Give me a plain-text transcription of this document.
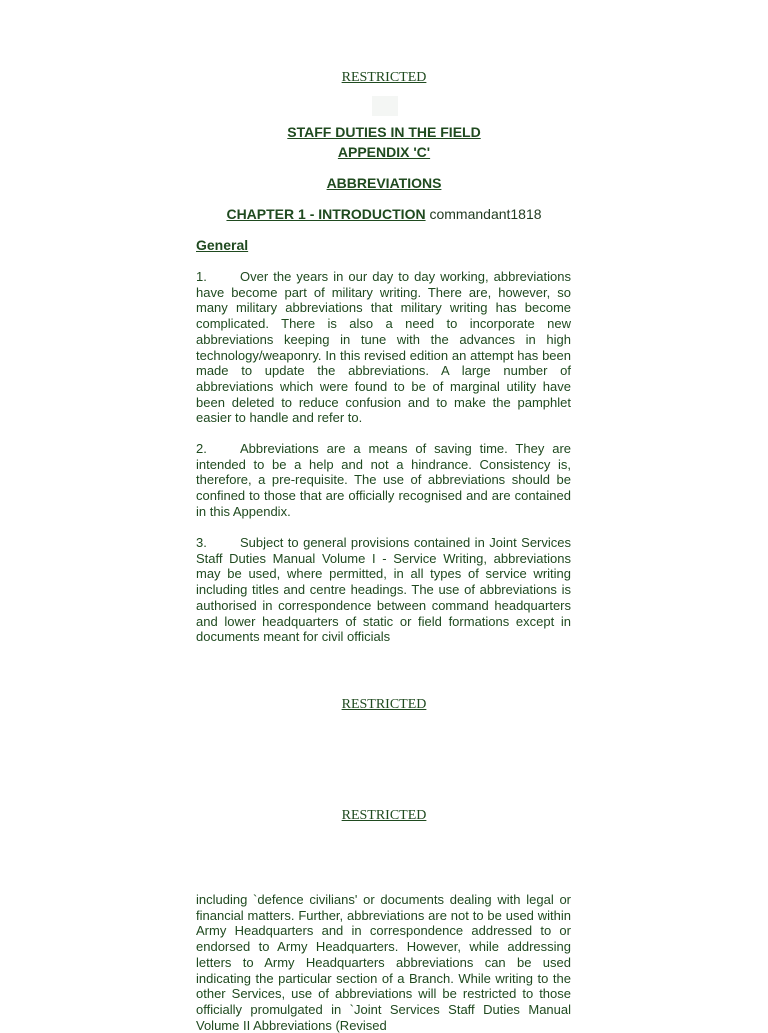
RESTRICTED
STAFF DUTIES IN THE FIELD
APPENDIX 'C'
ABBREVIATIONS
CHAPTER 1 - INTRODUCTION commandant1818
General

1.	Over the years in our day to day working, abbreviations have become part of military writing. There are, however, so many military abbreviations that military writing has become complicated. There is also a need to incorporate new abbreviations keeping in tune with the advances in high technology/weaponry. In this revised edition an attempt has been made to update the abbreviations. A large number of abbreviations which were found to be of marginal utility have been deleted to reduce confusion and to make the pamphlet easier to handle and refer to.

2.	Abbreviations are a means of saving time. They are intended to be a help and not a hindrance. Consistency is, therefore, a pre-requisite. The use of abbreviations should be confined to those that are officially recognised and are contained in this Appendix.

3.	Subject to general provisions contained in Joint Services Staff Duties Manual Volume I - Service Writing, abbreviations may be used, where permitted, in all types of service writing including titles and centre headings. The use of abbreviations is authorised in correspondence between command headquarters and lower headquarters of static or field formations except in documents meant for civil officials

RESTRICTED
RESTRICTED

including `defence civilians' or documents dealing with legal or financial matters. Further, abbreviations are not to be used within Army Headquarters and in correspondence addressed to or endorsed to Army Headquarters. However, while addressing letters to Army Headquarters abbreviations can be used indicating the particular section of a Branch. While writing to the other Services, use of abbreviations will be restricted to those officially promulgated in `Joint Services Staff Duties Manual Volume II Abbreviations (Revised
